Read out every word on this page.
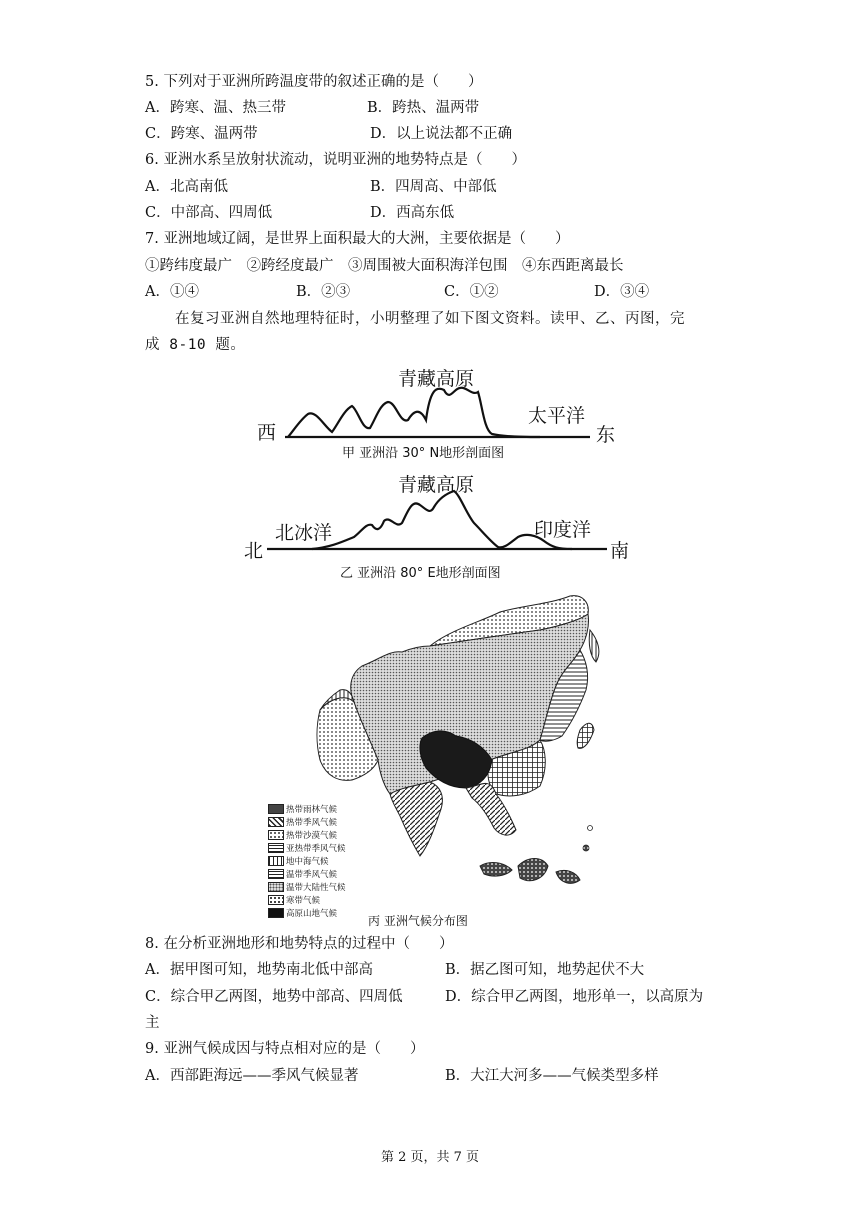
5. 下列对于亚洲所跨温度带的叙述正确的是（　　）
A．跨寒、温、热三带	B．跨热、温两带
C．跨寒、温两带	D．以上说法都不正确
6. 亚洲水系呈放射状流动，说明亚洲的地势特点是（　　）
A．北高南低	B．四周高、中部低
C．中部高、四周低	D．西高东低
7. 亚洲地域辽阔，是世界上面积最大的大洲，主要依据是（　　）
①跨纬度最广　②跨经度最广　③周围被大面积海洋包围　④东西距离最长
A．①④	B．②③	C．①②	D．③④
在复习亚洲自然地理特征时，小明整理了如下图文资料。读甲、乙、丙图，完
成 8-10 题。
青藏高原
西
太平洋
东
甲 亚洲沿 30° N地形剖面图
青藏高原
北
北冰洋	印度洋
南
乙 亚洲沿 80° E地形剖面图
热带雨林气候
热带季风气候
热带沙漠气候
亚热带季风气候
地中海气候
温带季风气候
温带大陆性气候
寒带气候
高原山地气候	丙 亚洲气候分布图
8. 在分析亚洲地形和地势特点的过程中（　　）
A．据甲图可知，地势南北低中部高	B．据乙图可知，地势起伏不大
C．综合甲乙两图，地势中部高、四周低	D．综合甲乙两图，地形单一，以高原为
主
9. 亚洲气候成因与特点相对应的是（　　）
A．西部距海远——季风气候显著	B．大江大河多——气候类型多样
第 2 页，共 7 页
